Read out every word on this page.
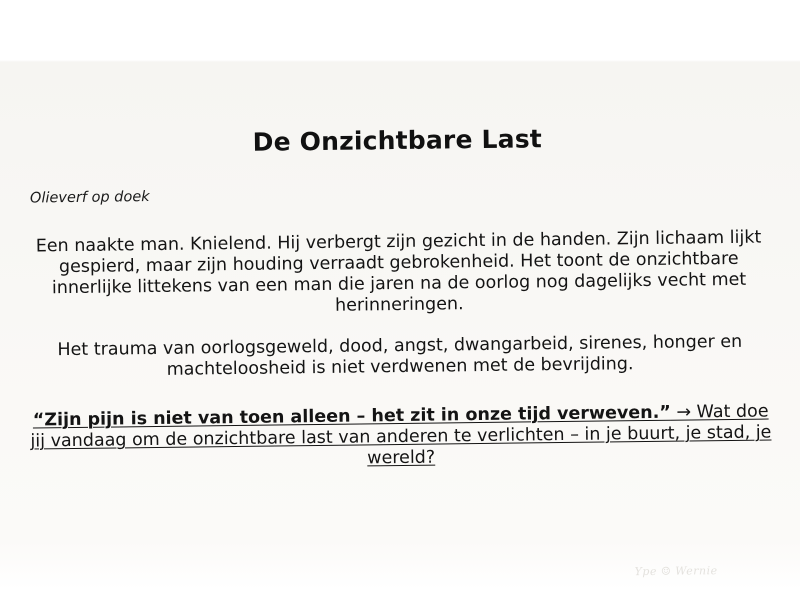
De Onzichtbare Last
Olieverf op doek
Een naakte man. Knielend. Hij verbergt zijn gezicht in de handen. Zijn lichaam lijkt gespierd, maar zijn houding verraadt gebrokenheid. Het toont de onzichtbare innerlijke littekens van een man die jaren na de oorlog nog dagelijks vecht met herinneringen.
Het trauma van oorlogsgeweld, dood, angst, dwangarbeid, sirenes, honger en machteloosheid is niet verdwenen met de bevrijding.
“Zijn pijn is niet van toen alleen – het zit in onze tijd verweven.” → Wat doe jij vandaag om de onzichtbare last van anderen te verlichten – in je buurt, je stad, je wereld?
Ype ☺ Wernie
